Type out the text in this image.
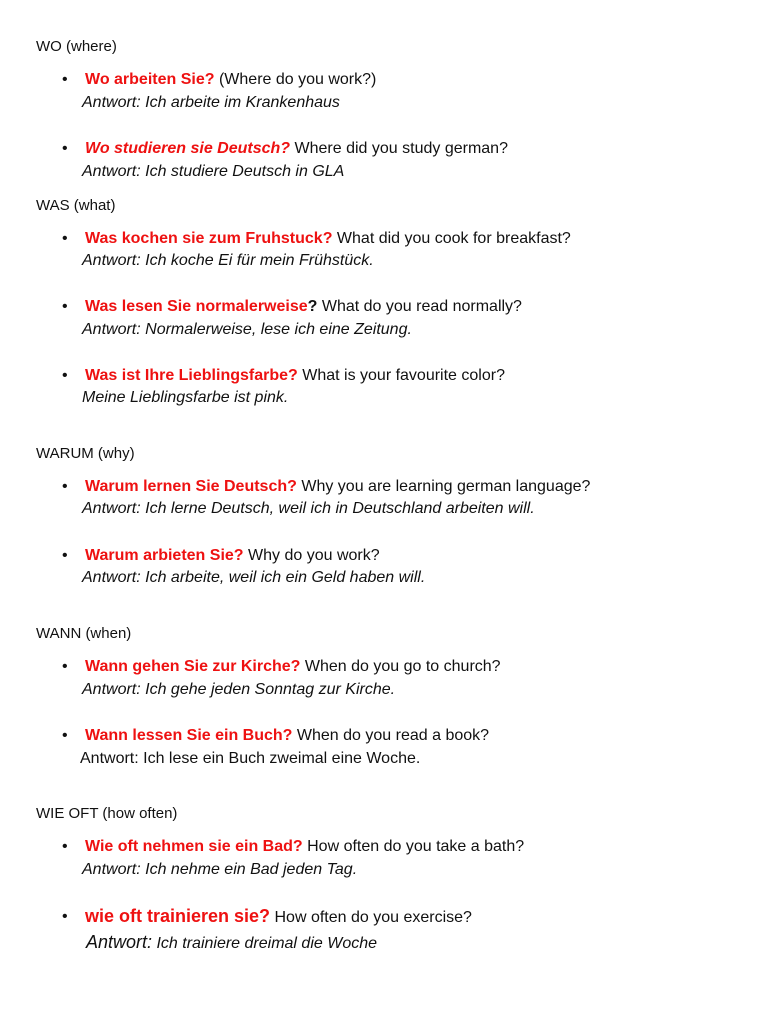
WO (where)
• Wo arbeiten Sie? (Where do you work?)
Antwort: Ich arbeite im Krankenhaus
• Wo studieren sie Deutsch? Where did you study german?
Antwort: Ich studiere Deutsch in GLA
WAS (what)
• Was kochen sie zum Fruhstuck? What did you cook for breakfast?
Antwort: Ich koche Ei für mein Frühstück.
• Was lesen Sie normalerweise? What do you read normally?
Antwort: Normalerweise, lese ich eine Zeitung.
• Was ist Ihre Lieblingsfarbe? What is your favourite color?
Meine Lieblingsfarbe ist pink.
WARUM (why)
• Warum lernen Sie Deutsch? Why you are learning german language?
Antwort: Ich lerne Deutsch, weil ich in Deutschland arbeiten will.
• Warum arbieten Sie? Why do you work?
Antwort: Ich arbeite, weil ich ein Geld haben will.
WANN (when)
• Wann gehen Sie zur Kirche? When do you go to church?
Antwort: Ich gehe jeden Sonntag zur Kirche.
• Wann lessen Sie ein Buch? When do you read a book?
Antwort: Ich lese ein Buch zweimal eine Woche.
WIE OFT (how often)
• Wie oft nehmen sie ein Bad? How often do you take a bath?
Antwort: Ich nehme ein Bad jeden Tag.
• wie oft trainieren sie? How often do you exercise?
Antwort: Ich trainiere dreimal die Woche
